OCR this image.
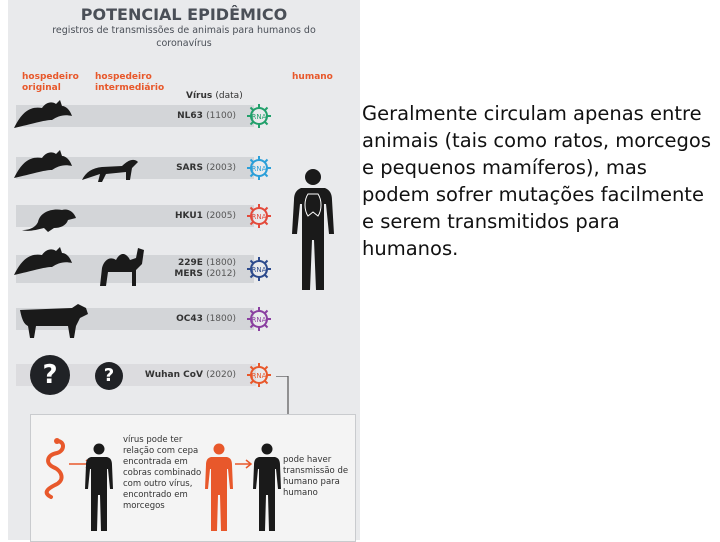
POTENCIAL EPIDÊMICO
registros de transmissões de animais para humanos do coronavírus
hospedeiro original
hospedeiro intermediário
humano
Vírus (data)
NL63 (1100)
SARS (2003)
HKU1 (2005)
229E (1800)
MERS (2012)
OC43 (1800)
Wuhan CoV (2020)
RNA
RNA
RNA
RNA
RNA
RNA
?	?
vírus pode ter relação com cepa encontrada em cobras combinado com outro vírus, encontrado em morcegos
pode haver transmissão de humano para humano
Geralmente circulam apenas entre animais (tais como ratos, morcegos e pequenos mamíferos), mas podem sofrer mutações facilmente e serem transmitidos para humanos.
